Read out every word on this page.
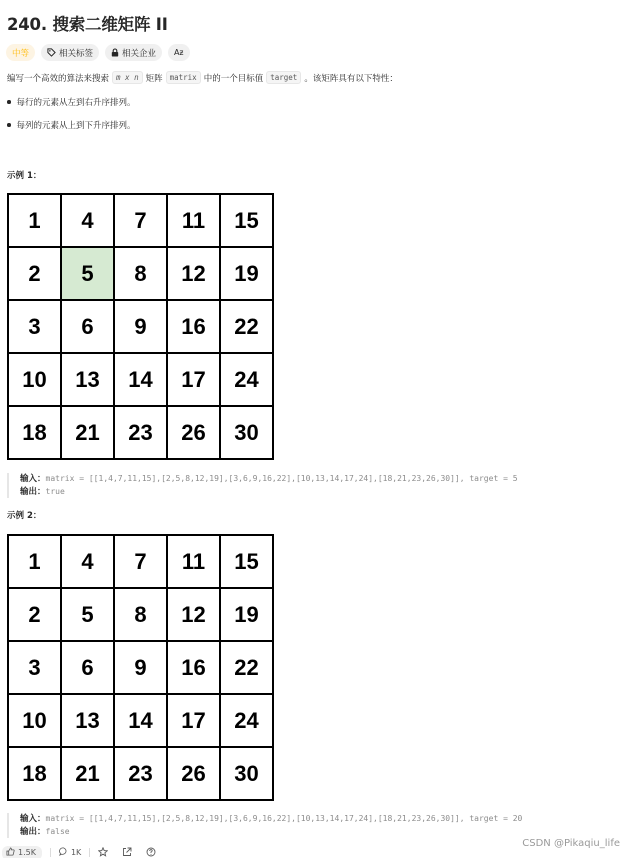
240. 搜索二维矩阵 II
中等	相关标签	相关企业 Aᵶ
编写一个高效的算法来搜索 m x n 矩阵 matrix 中的一个目标值 target 。该矩阵具有以下特性：
每行的元素从左到右升序排列。
每列的元素从上到下升序排列。
示例 1：
1	4	7	11	15
2	5	8	12	19
3	6	9	16	22
10	13	14	17	24
18	21	23	26	30
输入：matrix = [[1,4,7,11,15],[2,5,8,12,19],[3,6,9,16,22],[10,13,14,17,24],[18,21,23,26,30]], target = 5
输出：true
示例 2：
1	4	7	11	15
2	5	8	12	19
3	6	9	16	22
10	13	14	17	24
18	21	23	26	30
输入：matrix = [[1,4,7,11,15],[2,5,8,12,19],[3,6,9,16,22],[10,13,14,17,24],[18,21,23,26,30]], target = 20
输出：false
CSDN @Pikaqiu_life
1.5K	1K
